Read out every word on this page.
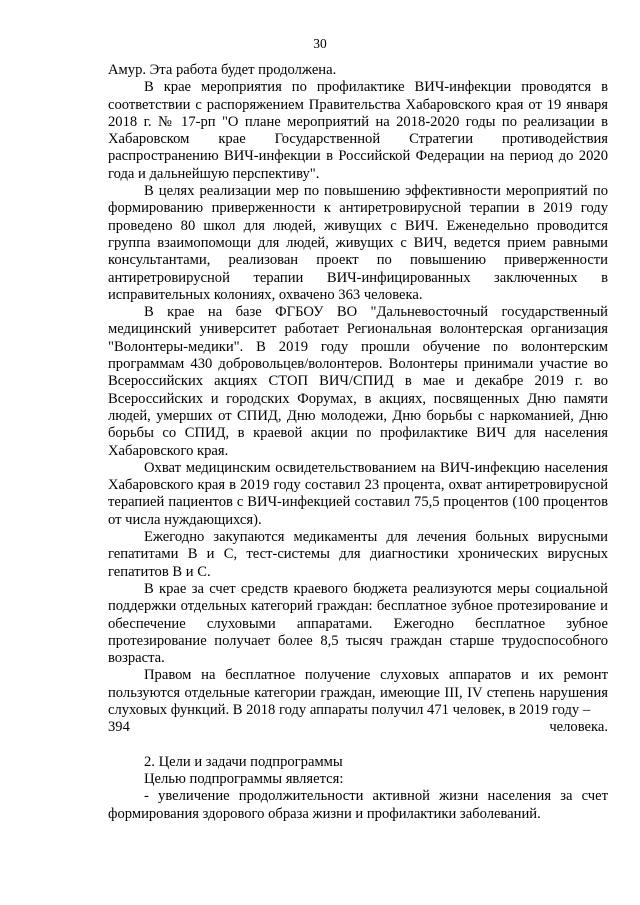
30

Амур. Эта работа будет продолжена.

В крае мероприятия по профилактике ВИЧ-инфекции проводятся в соответствии с распоряжением Правительства Хабаровского края от 19 января 2018 г. № 17-рп "О плане мероприятий на 2018-2020 годы по реализации в Хабаровском крае Государственной Стратегии противодействия распространению ВИЧ-инфекции в Российской Федерации на период до 2020 года и дальнейшую перспективу".

В целях реализации мер по повышению эффективности мероприятий по формированию приверженности к антиретровирусной терапии в 2019 году проведено 80 школ для людей, живущих с ВИЧ. Еженедельно проводится группа взаимопомощи для людей, живущих с ВИЧ, ведется прием равными консультантами, реализован проект по повышению приверженности антиретровирусной терапии ВИЧ-инфицированных заключенных в исправительных колониях, охвачено 363 человека.

В крае на базе ФГБОУ ВО "Дальневосточный государственный медицинский университет работает Региональная волонтерская организация "Волонтеры-медики". В 2019 году прошли обучение по волонтерским программам 430 добровольцев/волонтеров. Волонтеры принимали участие во Всероссийских акциях СТОП ВИЧ/СПИД в мае и декабре 2019 г. во Всероссийских и городских Форумах, в акциях, посвященных Дню памяти людей, умерших от СПИД, Дню молодежи, Дню борьбы с наркоманией, Дню борьбы со СПИД, в краевой акции по профилактике ВИЧ для населения Хабаровского края.

Охват медицинским освидетельствованием на ВИЧ-инфекцию населения Хабаровского края в 2019 году составил 23 процента, охват антиретровирусной терапией пациентов с ВИЧ-инфекцией составил 75,5 процентов (100 процентов от числа нуждающихся).

Ежегодно закупаются медикаменты для лечения больных вирусными гепатитами В и С, тест-системы для диагностики хронических вирусных гепатитов В и С.

В крае за счет средств краевого бюджета реализуются меры социальной поддержки отдельных категорий граждан: бесплатное зубное протезирование и обеспечение слуховыми аппаратами. Ежегодно бесплатное зубное протезирование получает более 8,5 тысяч граждан старше трудоспособного возраста.

Правом на бесплатное получение слуховых аппаратов и их ремонт пользуются отдельные категории граждан, имеющие III, IV степень нарушения слуховых функций. В 2018 году аппараты получил 471 человек, в 2019 году –

394	человека.

2. Цели и задачи подпрограммы

Целью подпрограммы является:

- увеличение продолжительности активной жизни населения за счет формирования здорового образа жизни и профилактики заболеваний.
